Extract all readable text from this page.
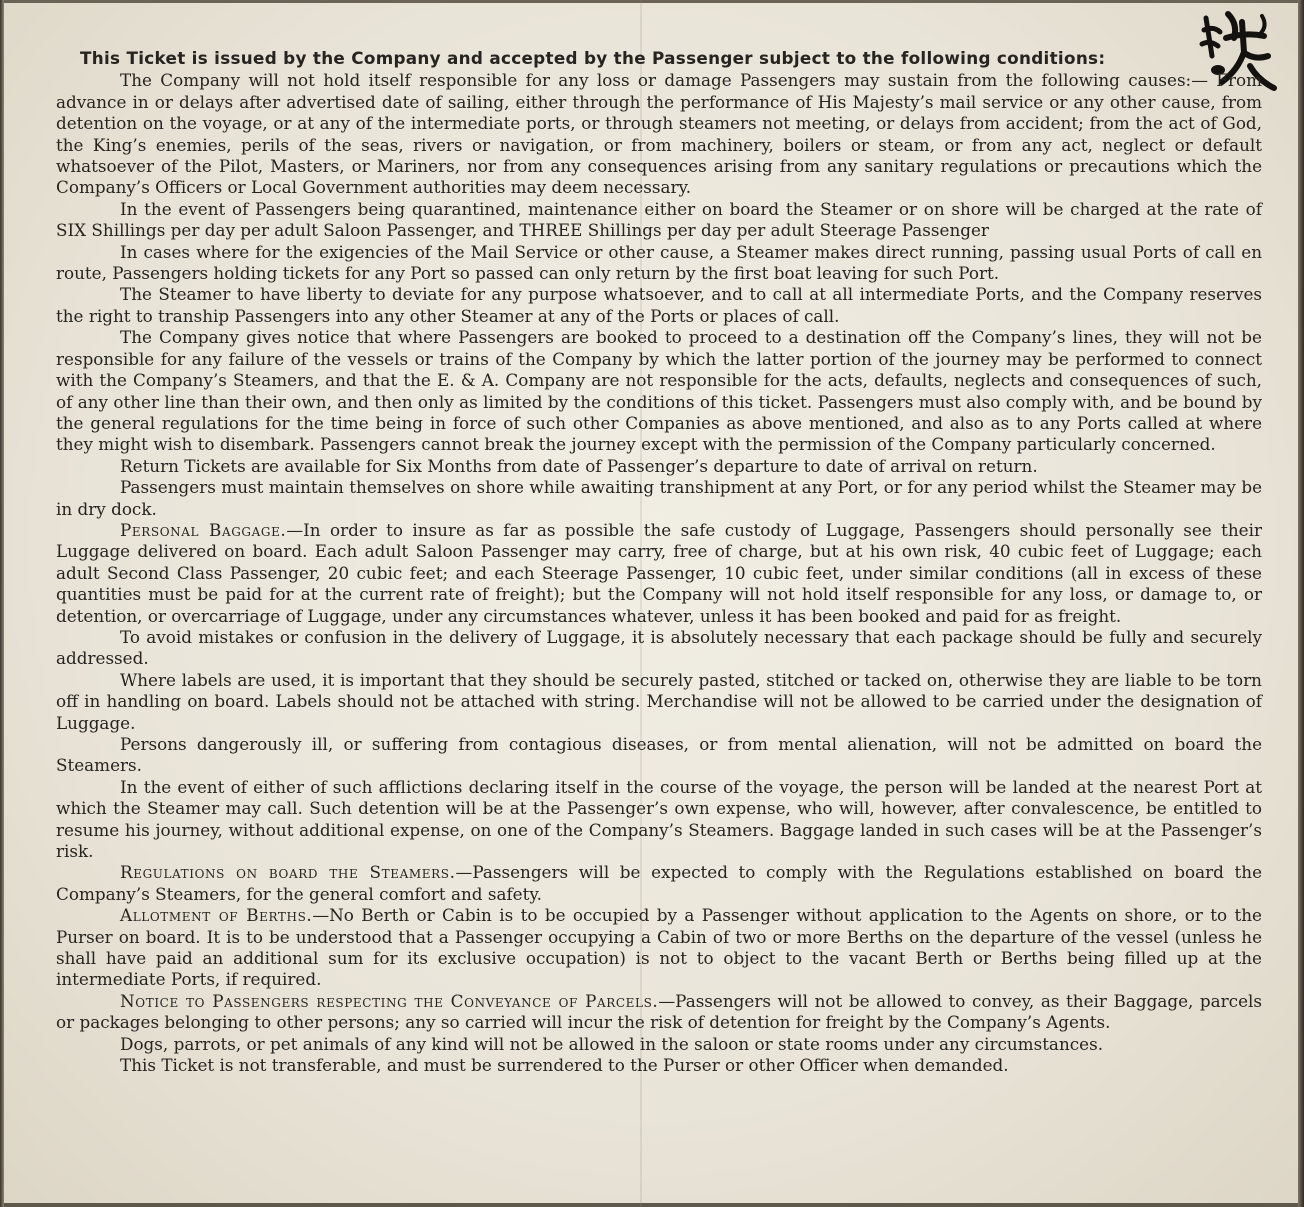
This Ticket is issued by the Company and accepted by the Passenger subject to the following conditions:

The Company will not hold itself responsible for any loss or damage Passengers may sustain from the following causes:— From advance in or delays after advertised date of sailing, either through the performance of His Majesty’s mail service or any other cause, from detention on the voyage, or at any of the intermediate ports, or through steamers not meeting, or delays from accident; from the act of God, the King’s enemies, perils of the seas, rivers or navigation, or from machinery, boilers or steam, or from any act, neglect or default whatsoever of the Pilot, Masters, or Mariners, nor from any consequences arising from any sanitary regulations or precautions which the Company’s Officers or Local Government authorities may deem necessary.

In the event of Passengers being quarantined, maintenance either on board the Steamer or on shore will be charged at the rate of SIX Shillings per day per adult Saloon Passenger, and THREE Shillings per day per adult Steerage Passenger

In cases where for the exigencies of the Mail Service or other cause, a Steamer makes direct running, passing usual Ports of call en route, Passengers holding tickets for any Port so passed can only return by the first boat leaving for such Port.

The Steamer to have liberty to deviate for any purpose whatsoever, and to call at all intermediate Ports, and the Company reserves the right to tranship Passengers into any other Steamer at any of the Ports or places of call.

The Company gives notice that where Passengers are booked to proceed to a destination off the Company’s lines, they will not be responsible for any failure of the vessels or trains of the Company by which the latter portion of the journey may be performed to connect with the Company’s Steamers, and that the E. & A. Company are not responsible for the acts, defaults, neglects and consequences of such, of any other line than their own, and then only as limited by the conditions of this ticket. Passengers must also comply with, and be bound by the general regulations for the time being in force of such other Companies as above mentioned, and also as to any Ports called at where they might wish to disembark. Passengers cannot break the journey except with the permission of the Company particularly concerned.

Return Tickets are available for Six Months from date of Passenger’s departure to date of arrival on return.

Passengers must maintain themselves on shore while awaiting transhipment at any Port, or for any period whilst the Steamer may be in dry dock.

Personal Baggage.—In order to insure as far as possible the safe custody of Luggage, Passengers should personally see their Luggage delivered on board. Each adult Saloon Passenger may carry, free of charge, but at his own risk, 40 cubic feet of Luggage; each adult Second Class Passenger, 20 cubic feet; and each Steerage Passenger, 10 cubic feet, under similar conditions (all in excess of these quantities must be paid for at the current rate of freight); but the Company will not hold itself responsible for any loss, or damage to, or detention, or overcarriage of Luggage, under any circumstances whatever, unless it has been booked and paid for as freight.

To avoid mistakes or confusion in the delivery of Luggage, it is absolutely necessary that each package should be fully and securely addressed.

Where labels are used, it is important that they should be securely pasted, stitched or tacked on, otherwise they are liable to be torn off in handling on board. Labels should not be attached with string. Merchandise will not be allowed to be carried under the designation of Luggage.

Persons dangerously ill, or suffering from contagious diseases, or from mental alienation, will not be admitted on board the Steamers.

In the event of either of such afflictions declaring itself in the course of the voyage, the person will be landed at the nearest Port at which the Steamer may call. Such detention will be at the Passenger’s own expense, who will, however, after convalescence, be entitled to resume his journey, without additional expense, on one of the Company’s Steamers. Baggage landed in such cases will be at the Passenger’s risk.

Regulations on board the Steamers.—Passengers will be expected to comply with the Regulations established on board the Company’s Steamers, for the general comfort and safety.

Allotment of Berths.—No Berth or Cabin is to be occupied by a Passenger without application to the Agents on shore, or to the Purser on board. It is to be understood that a Passenger occupying a Cabin of two or more Berths on the departure of the vessel (unless he shall have paid an additional sum for its exclusive occupation) is not to object to the vacant Berth or Berths being filled up at the intermediate Ports, if required.

Notice to Passengers respecting the Conveyance of Parcels.—Passengers will not be allowed to convey, as their Baggage, parcels or packages belonging to other persons; any so carried will incur the risk of detention for freight by the Company’s Agents.

Dogs, parrots, or pet animals of any kind will not be allowed in the saloon or state rooms under any circumstances.

This Ticket is not transferable, and must be surrendered to the Purser or other Officer when demanded.
